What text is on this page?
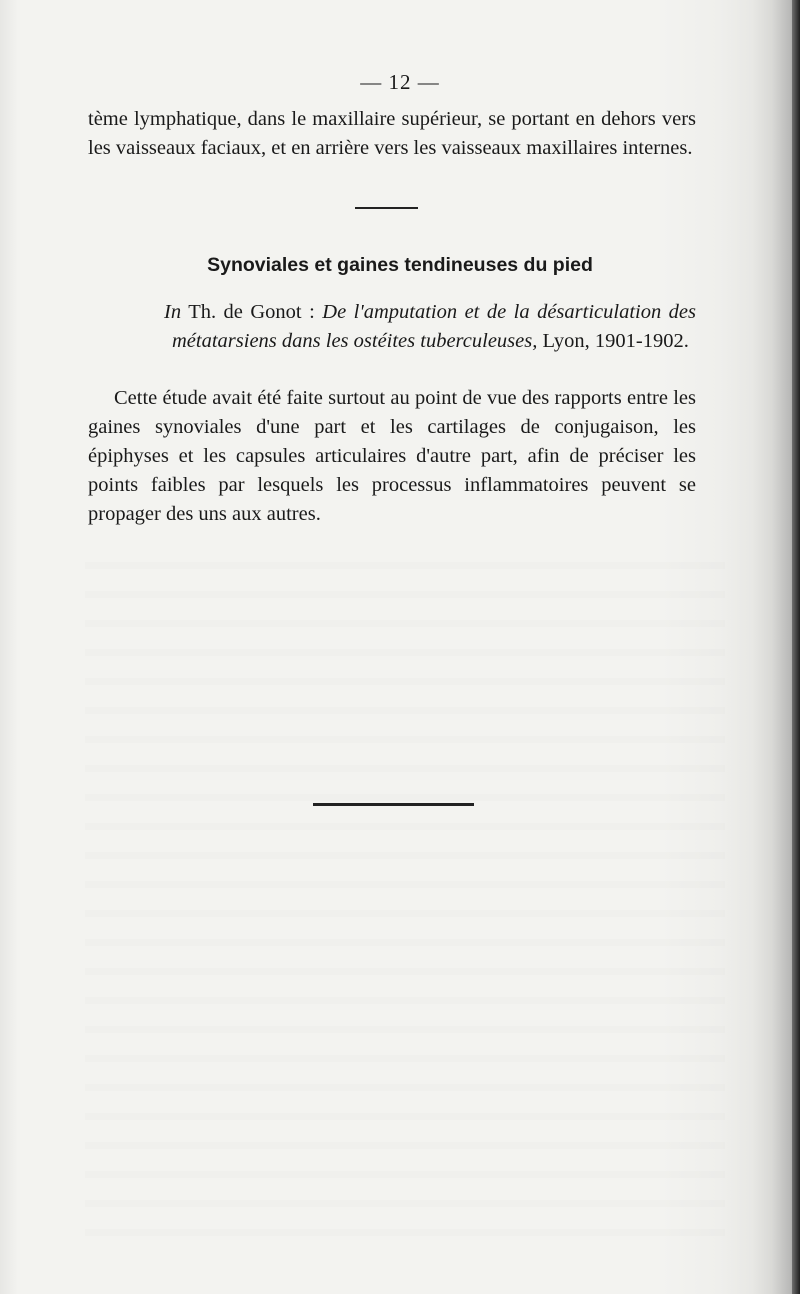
— 12 —

tème lymphatique, dans le maxillaire supérieur, se portant en dehors vers les vaisseaux faciaux, et en arrière vers les vaisseaux maxillaires internes.

Synoviales et gaines tendineuses du pied

In Th. de Gonot : De l'amputation et de la désarticulation des métatarsiens dans les ostéites tuberculeuses, Lyon, 1901-1902.

Cette étude avait été faite surtout au point de vue des rapports entre les gaines synoviales d'une part et les cartilages de conjugaison, les épiphyses et les capsules articulaires d'autre part, afin de préciser les points faibles par lesquels les processus inflammatoires peuvent se propager des uns aux autres.
